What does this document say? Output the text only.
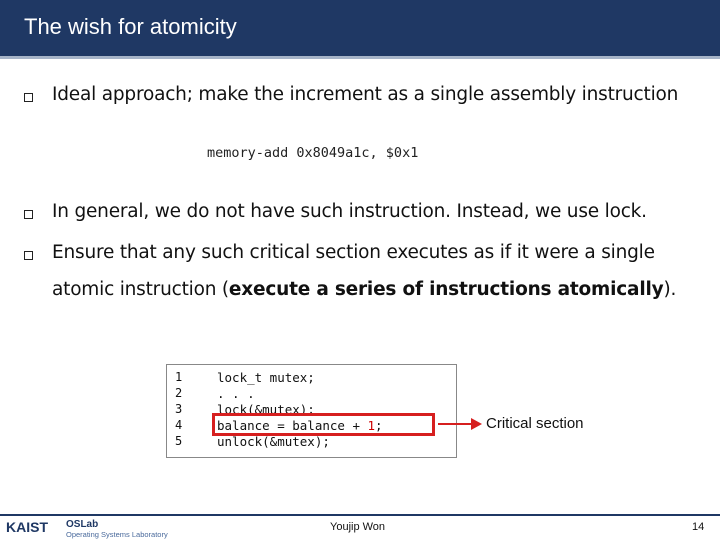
The wish for atomicity
Ideal approach; make the increment as a single assembly instruction
memory-add 0x8049a1c, $0x1
In general, we do not have such instruction. Instead, we use lock.
Ensure that any such critical section executes as if it were a single
atomic instruction (execute a series of instructions atomically).
1
2
3
4
5
lock_t mutex;
. . .
lock(&mutex);
balance = balance + 1;
unlock(&mutex);
Critical section
KAIST OSLab
Operating Systems Laboratory
Youjip Won	14
